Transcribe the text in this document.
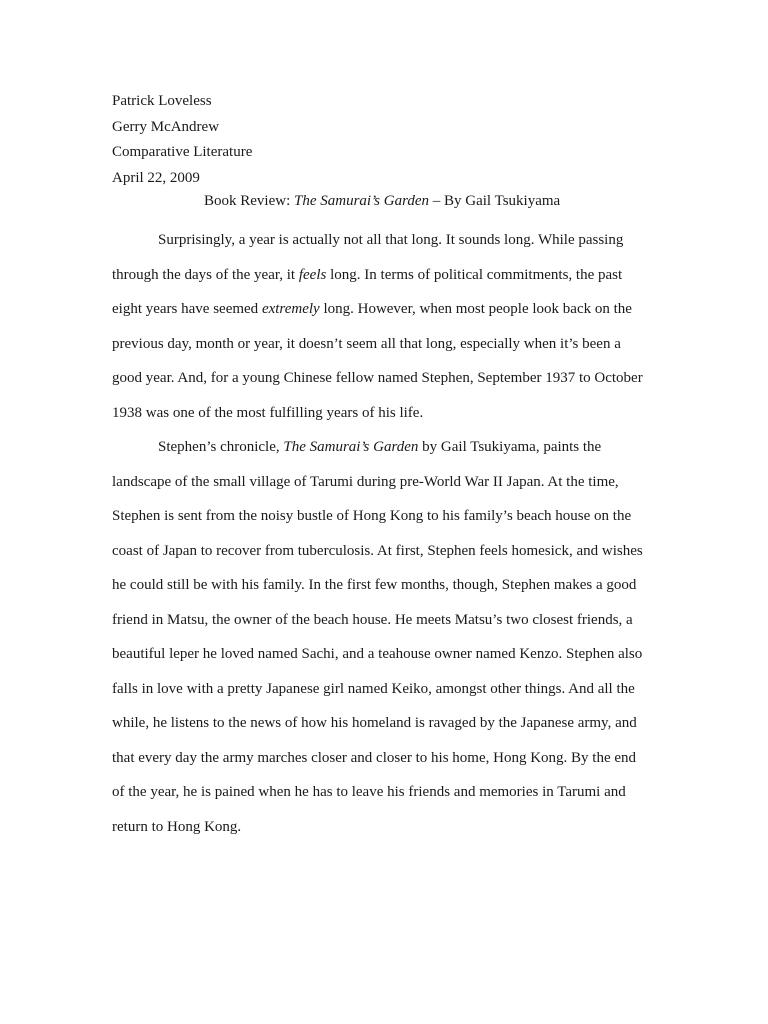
Patrick Loveless
Gerry McAndrew
Comparative Literature
April 22, 2009
Book Review: The Samurai’s Garden – By Gail Tsukiyama
Surprisingly, a year is actually not all that long. It sounds long. While passing
through the days of the year, it feels long. In terms of political commitments, the past
eight years have seemed extremely long. However, when most people look back on the
previous day, month or year, it doesn’t seem all that long, especially when it’s been a
good year. And, for a young Chinese fellow named Stephen, September 1937 to October
1938 was one of the most fulfilling years of his life.
Stephen’s chronicle, The Samurai’s Garden by Gail Tsukiyama, paints the
landscape of the small village of Tarumi during pre-World War II Japan. At the time,
Stephen is sent from the noisy bustle of Hong Kong to his family’s beach house on the
coast of Japan to recover from tuberculosis. At first, Stephen feels homesick, and wishes
he could still be with his family. In the first few months, though, Stephen makes a good
friend in Matsu, the owner of the beach house. He meets Matsu’s two closest friends, a
beautiful leper he loved named Sachi, and a teahouse owner named Kenzo. Stephen also
falls in love with a pretty Japanese girl named Keiko, amongst other things. And all the
while, he listens to the news of how his homeland is ravaged by the Japanese army, and
that every day the army marches closer and closer to his home, Hong Kong. By the end
of the year, he is pained when he has to leave his friends and memories in Tarumi and
return to Hong Kong.
